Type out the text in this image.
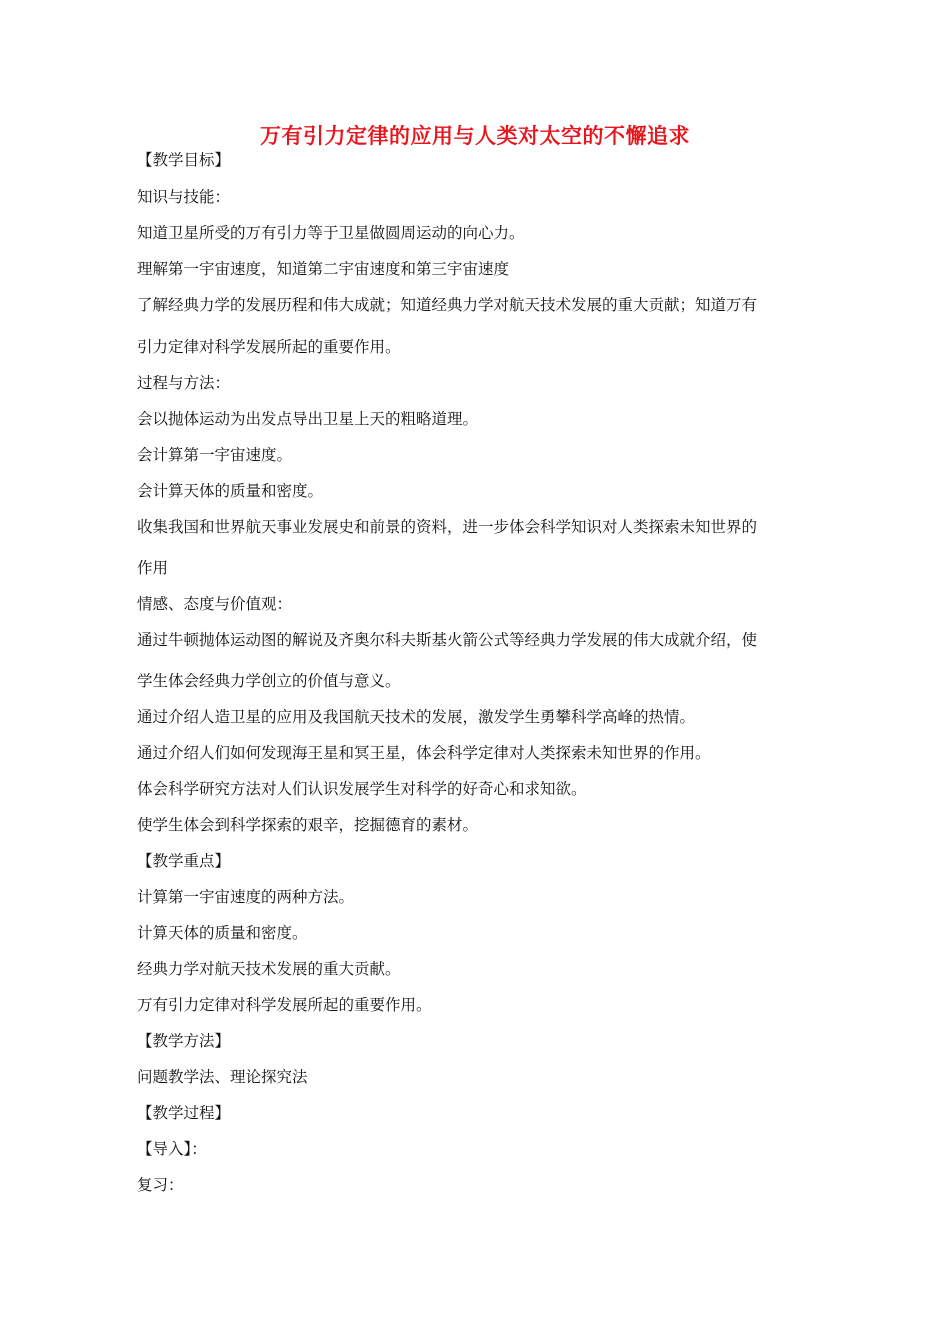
万有引力定律的应用与人类对太空的不懈追求
【教学目标】
知识与技能：
知道卫星所受的万有引力等于卫星做圆周运动的向心力。
理解第一宇宙速度，知道第二宇宙速度和第三宇宙速度
了解经典力学的发展历程和伟大成就；知道经典力学对航天技术发展的重大贡献；知道万有
引力定律对科学发展所起的重要作用。
过程与方法：
会以抛体运动为出发点导出卫星上天的粗略道理。
会计算第一宇宙速度。
会计算天体的质量和密度。
收集我国和世界航天事业发展史和前景的资料，进一步体会科学知识对人类探索未知世界的
作用
情感、态度与价值观：
通过牛顿抛体运动图的解说及齐奥尔科夫斯基火箭公式等经典力学发展的伟大成就介绍，使
学生体会经典力学创立的价值与意义。
通过介绍人造卫星的应用及我国航天技术的发展，激发学生勇攀科学高峰的热情。
通过介绍人们如何发现海王星和冥王星，体会科学定律对人类探索未知世界的作用。
体会科学研究方法对人们认识发展学生对科学的好奇心和求知欲。
使学生体会到科学探索的艰辛，挖掘德育的素材。
【教学重点】
计算第一宇宙速度的两种方法。
计算天体的质量和密度。
经典力学对航天技术发展的重大贡献。
万有引力定律对科学发展所起的重要作用。
【教学方法】
问题教学法、理论探究法
【教学过程】
【导入】：
复习：
